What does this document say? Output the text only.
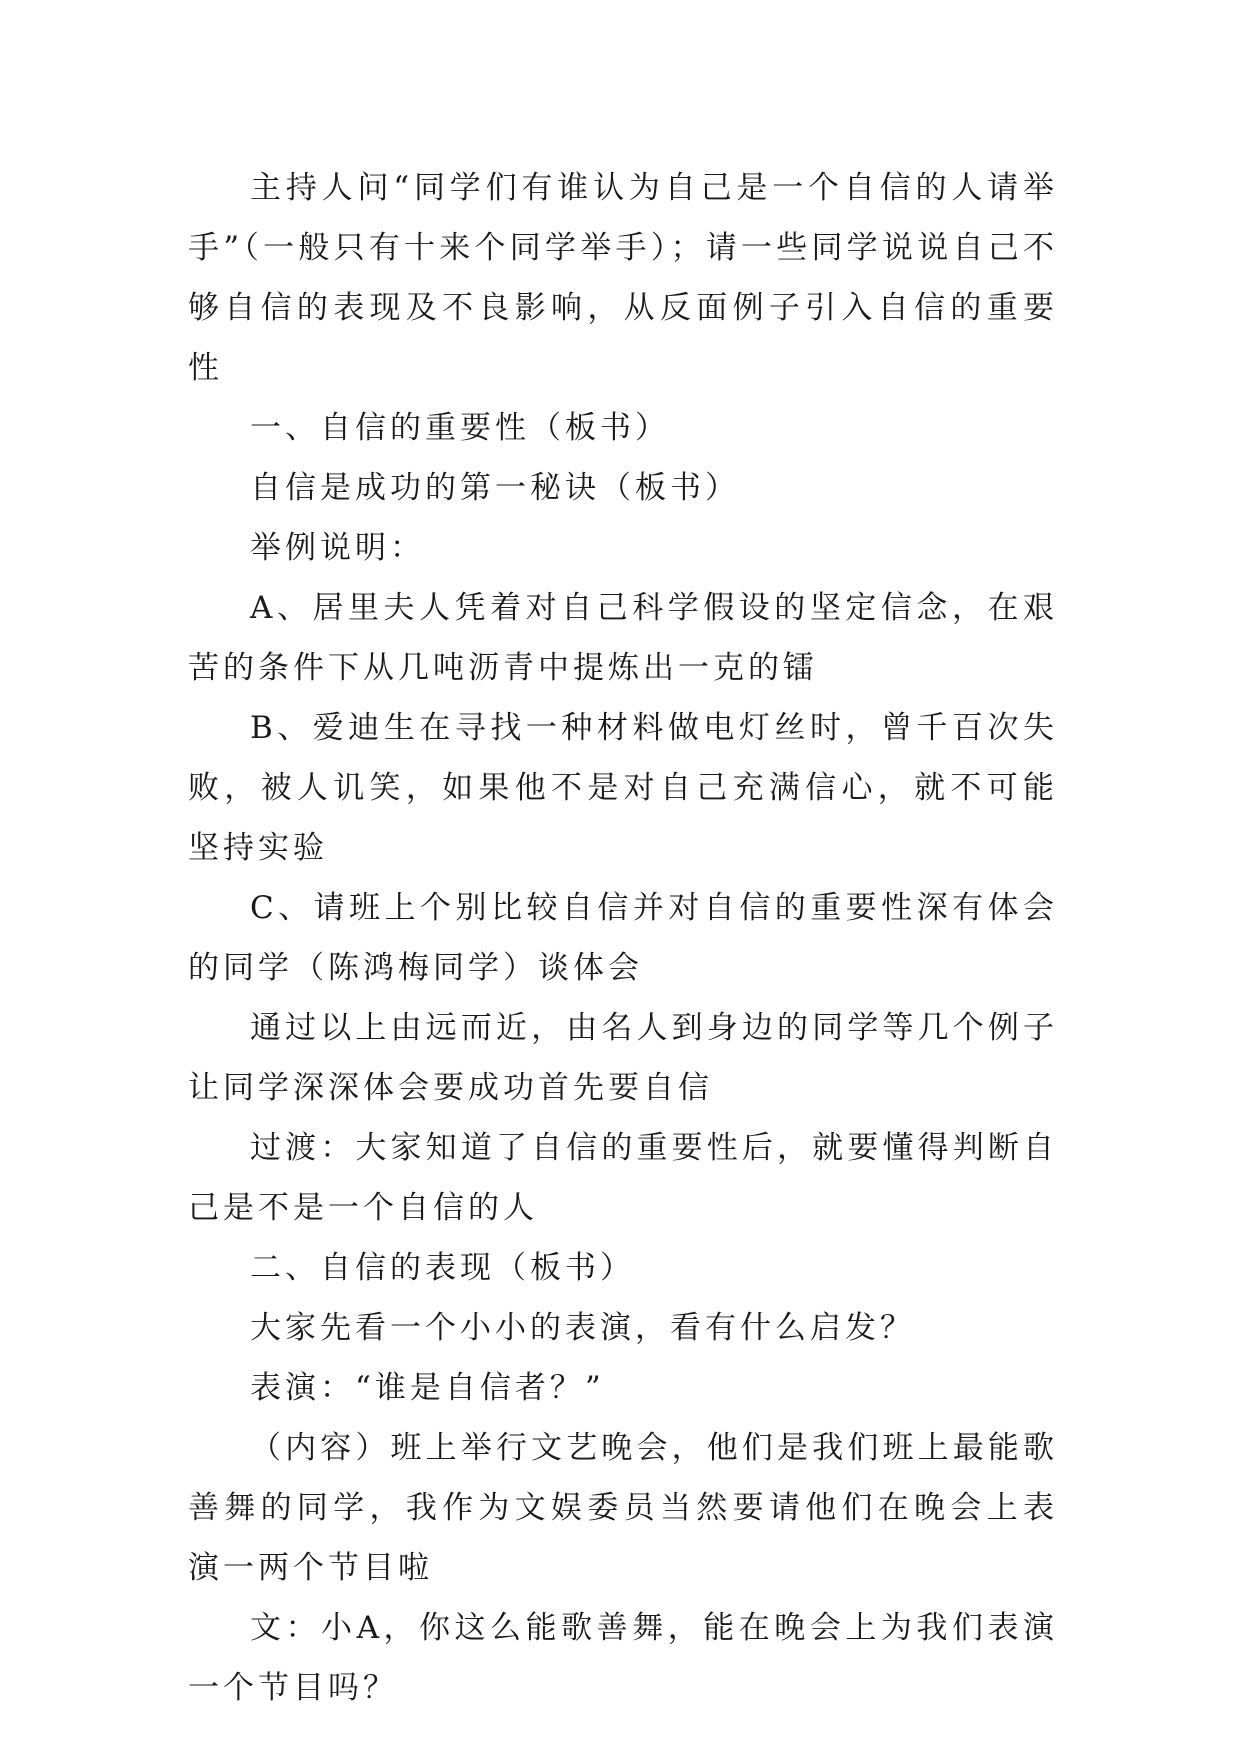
主持人问“同学们有谁认为自己是一个自信的人请举手”（一般只有十来个同学举手）；请一些同学说说自己不够自信的表现及不良影响，从反面例子引入自信的重要性

一、自信的重要性（板书）

自信是成功的第一秘诀（板书）

举例说明：

A、居里夫人凭着对自己科学假设的坚定信念，在艰苦的条件下从几吨沥青中提炼出一克的镭

B、爱迪生在寻找一种材料做电灯丝时，曾千百次失败，被人讥笑，如果他不是对自己充满信心，就不可能坚持实验

C、请班上个别比较自信并对自信的重要性深有体会的同学（陈鸿梅同学）谈体会

通过以上由远而近，由名人到身边的同学等几个例子让同学深深体会要成功首先要自信

过渡：大家知道了自信的重要性后，就要懂得判断自己是不是一个自信的人

二、自信的表现（板书）

大家先看一个小小的表演，看有什么启发？

表演：“谁是自信者？”

（内容）班上举行文艺晚会，他们是我们班上最能歌善舞的同学，我作为文娱委员当然要请他们在晚会上表演一两个节目啦

文：小A，你这么能歌善舞，能在晚会上为我们表演一个节目吗？
